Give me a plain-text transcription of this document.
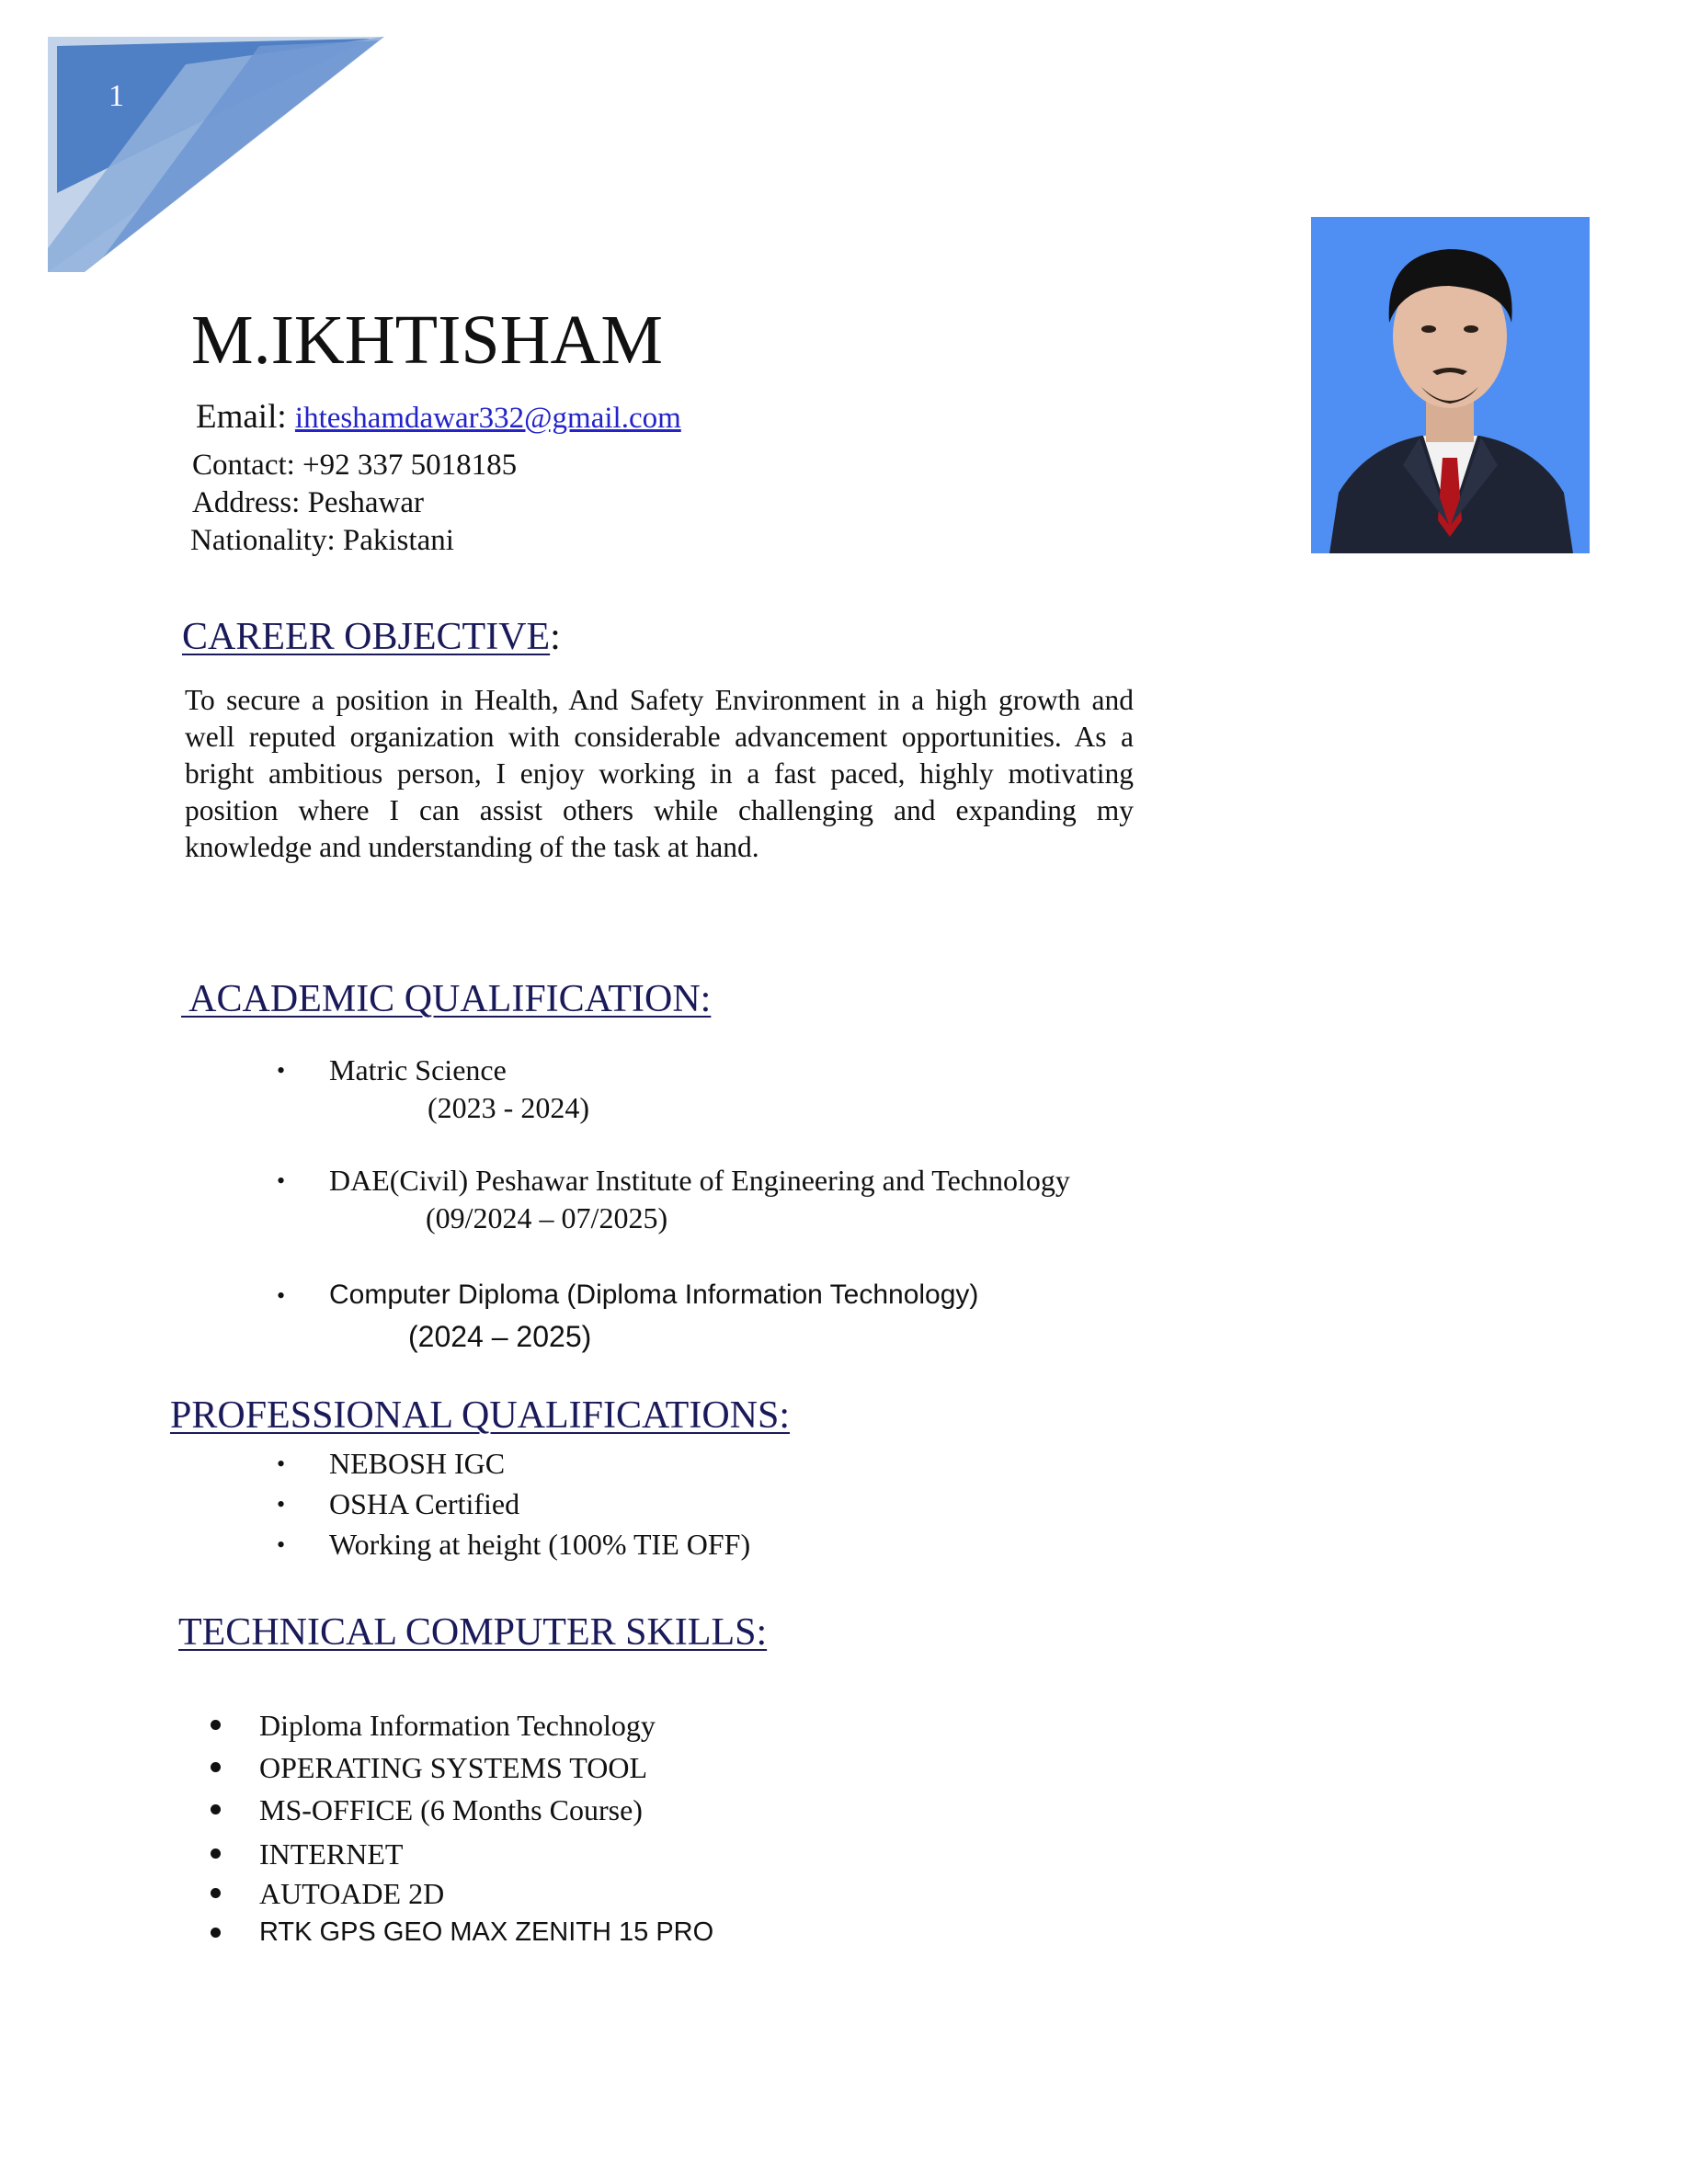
1
M.IKHTISHAM
Email: ihteshamdawar332@gmail.com
Contact: +92 337 5018185
Address: Peshawar
Nationality: Pakistani
CAREER OBJECTIVE:
To secure a position in Health, And Safety Environment in a high growth and well reputed organization with considerable advancement opportunities. As a bright ambitious person, I enjoy working in a fast paced, highly motivating position where I can assist others while challenging and expanding my knowledge and understanding of the task at hand.
ACADEMIC QUALIFICATION:
• Matric Science
(2023 - 2024)
• DAE(Civil) Peshawar Institute of Engineering and Technology
(09/2024 – 07/2025)
• Computer Diploma (Diploma Information Technology)
(2024 – 2025)
PROFESSIONAL QUALIFICATIONS:
• NEBOSH IGC
• OSHA Certified
• Working at height (100% TIE OFF)
TECHNICAL COMPUTER SKILLS:
Diploma Information Technology
OPERATING SYSTEMS TOOL
MS-OFFICE (6 Months Course)
INTERNET
AUTOADE 2D
RTK GPS GEO MAX ZENITH 15 PRO
